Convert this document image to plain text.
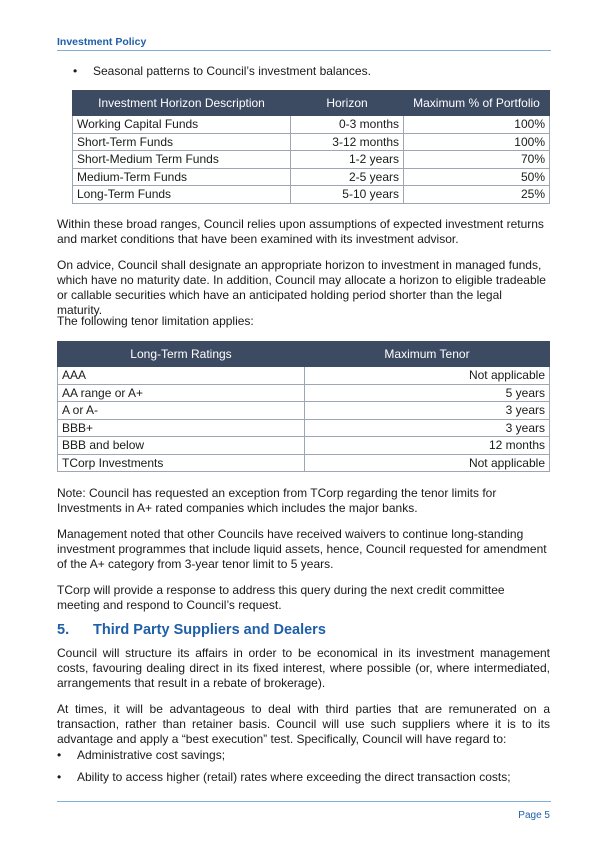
Investment Policy
• Seasonal patterns to Council’s investment balances.
Investment Horizon Description	Horizon	Maximum % of Portfolio
Working Capital Funds	0-3 months	100%
Short-Term Funds	3-12 months	100%
Short-Medium Term Funds	1-2 years	70%
Medium-Term Funds	2-5 years	50%
Long-Term Funds	5-10 years	25%

Within these broad ranges, Council relies upon assumptions of expected investment returns and market conditions that have been examined with its investment advisor.

On advice, Council shall designate an appropriate horizon to investment in managed funds, which have no maturity date. In addition, Council may allocate a horizon to eligible tradeable or callable securities which have an anticipated holding period shorter than the legal maturity.

The following tenor limitation applies:

Long-Term Ratings	Maximum Tenor
AAA	Not applicable
AA range or A+	5 years
A or A-	3 years
BBB+	3 years
BBB and below	12 months
TCorp Investments	Not applicable

Note: Council has requested an exception from TCorp regarding the tenor limits for Investments in A+ rated companies which includes the major banks.

Management noted that other Councils have received waivers to continue long-standing investment programmes that include liquid assets, hence, Council requested for amendment of the A+ category from 3-year tenor limit to 5 years.

TCorp will provide a response to address this query during the next credit committee meeting and respond to Council’s request.

5. Third Party Suppliers and Dealers

Council will structure its affairs in order to be economical in its investment management costs, favouring dealing direct in its fixed interest, where possible (or, where intermediated, arrangements that result in a rebate of brokerage).

At times, it will be advantageous to deal with third parties that are remunerated on a transaction, rather than retainer basis. Council will use such suppliers where it is to its advantage and apply a “best execution” test. Specifically, Council will have regard to:

• Administrative cost savings;
• Ability to access higher (retail) rates where exceeding the direct transaction costs;
Page 5
